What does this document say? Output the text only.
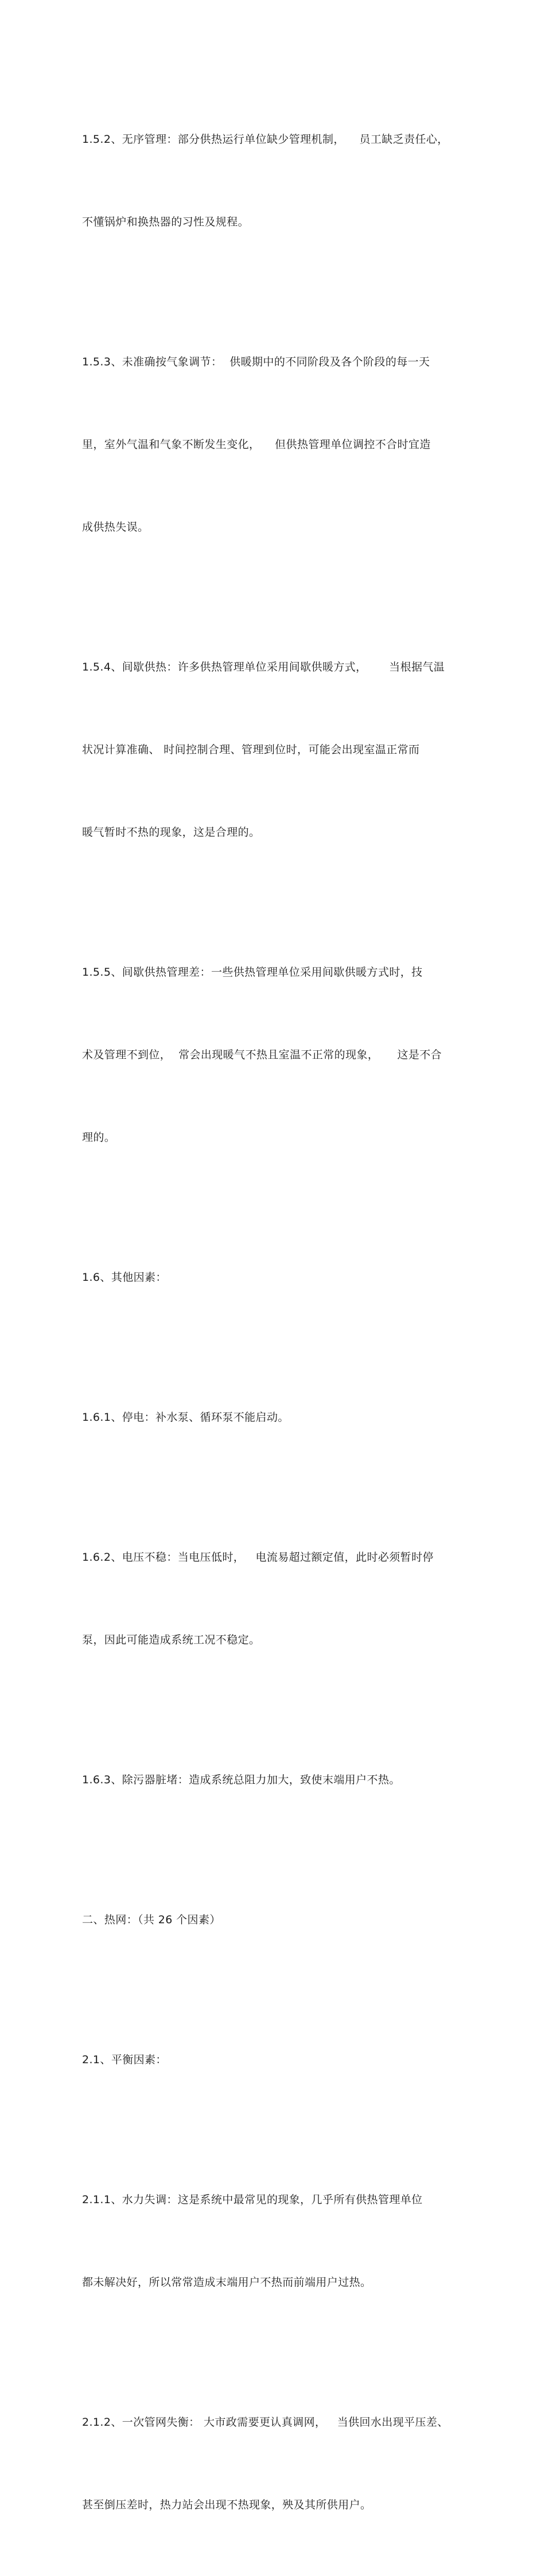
1.5.2、无序管理：部分供热运行单位缺少管理机制，    员工缺乏责任心，

不懂锅炉和换热器的习性及规程。

1.5.3、未准确按气象调节：  供暖期中的不同阶段及各个阶段的每一天

里，室外气温和气象不断发生变化，    但供热管理单位调控不合时宜造

成供热失误。

1.5.4、间歇供热：许多供热管理单位采用间歇供暖方式，      当根据气温

状况计算准确、 时间控制合理、管理到位时，可能会出现室温正常而

暖气暂时不热的现象，这是合理的。

1.5.5、间歇供热管理差：一些供热管理单位采用间歇供暖方式时，技

术及管理不到位，  常会出现暖气不热且室温不正常的现象，     这是不合

理的。

1.6、其他因素：

1.6.1、停电：补水泵、循环泵不能启动。

1.6.2、电压不稳：当电压低时，   电流易超过额定值，此时必须暂时停

泵，因此可能造成系统工况不稳定。

1.6.3、除污器脏堵：造成系统总阻力加大，致使末端用户不热。

二、热网：（共 26 个因素）

2.1、平衡因素：

2.1.1、水力失调：这是系统中最常见的现象，几乎所有供热管理单位

都未解决好，所以常常造成末端用户不热而前端用户过热。

2.1.2、一次管网失衡： 大市政需要更认真调网，   当供回水出现平压差、

甚至倒压差时，热力站会出现不热现象，殃及其所供用户。
